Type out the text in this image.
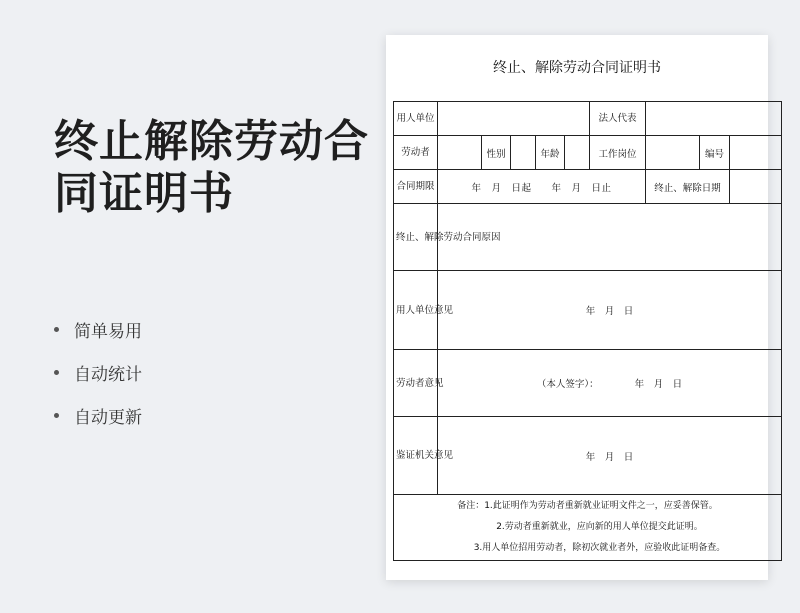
终止解除劳动合同证明书
简单易用
自动统计
自动更新
终止、解除劳动合同证明书
用人单位						法人代表			
劳动者		性别		年龄		工作岗位		编号	
合同期限	年　月　日起　　年　月　日止						终止、解除日期		
终止、解除劳动合同原因									
用人单位意见	年　月　日								
劳动者意见	（本人签字）： 年　月　日								
鉴证机关意见	年　月　日								

备注：1.此证明作为劳动者重新就业证明文件之一，应妥善保管。
2.劳动者重新就业，应向新的用人单位提交此证明。
3.用人单位招用劳动者，除初次就业者外，应验收此证明备查。									
